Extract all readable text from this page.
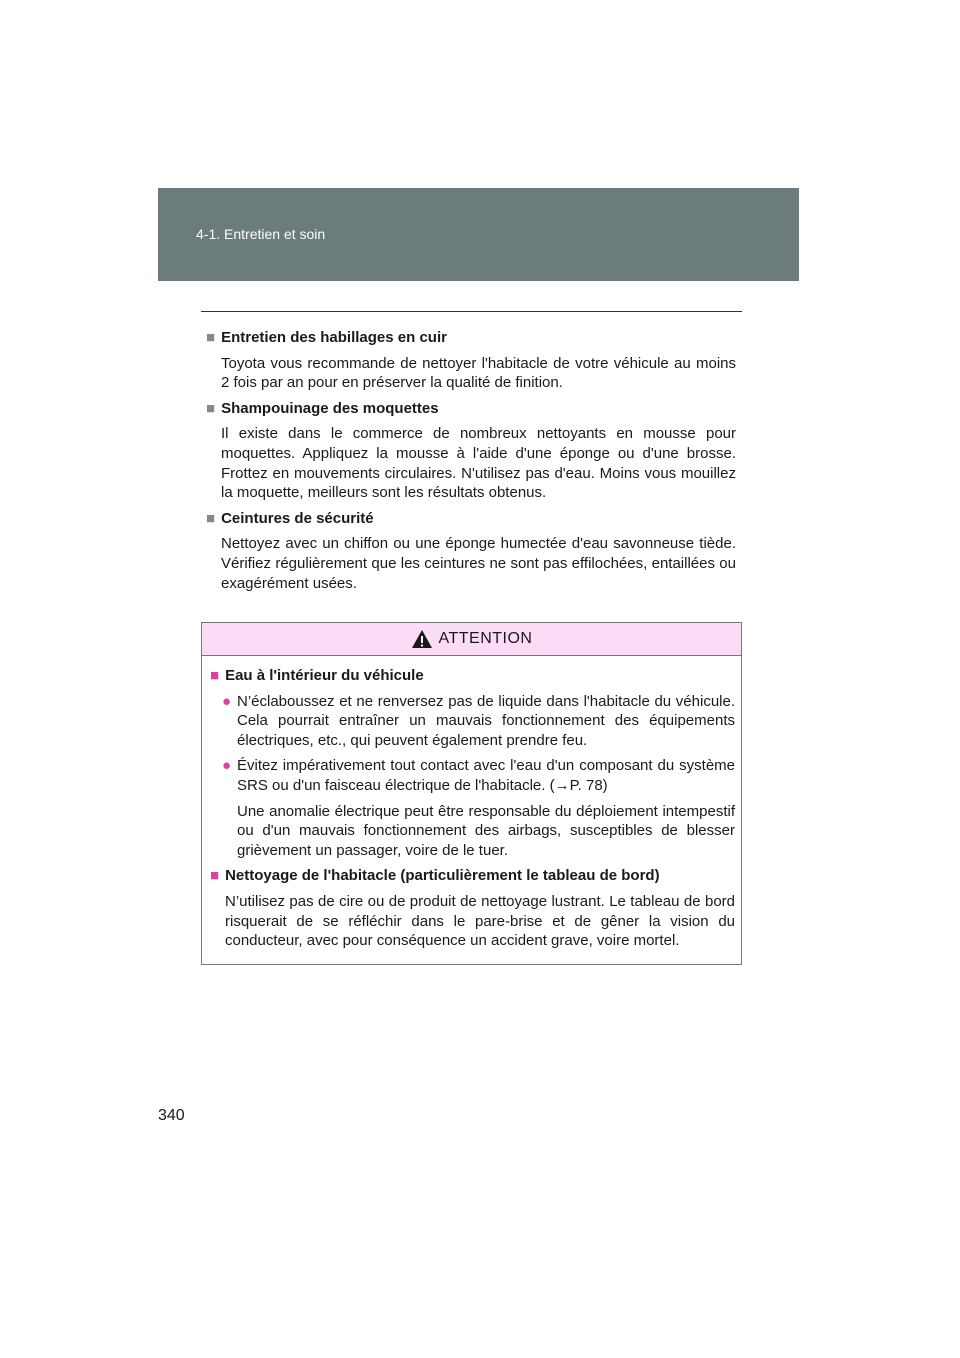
4-1. Entretien et soin
■ Entretien des habillages en cuir

Toyota vous recommande de nettoyer l'habitacle de votre véhicule au moins 2 fois par an pour en préserver la qualité de finition.

■ Shampouinage des moquettes

Il existe dans le commerce de nombreux nettoyants en mousse pour moquettes. Appliquez la mousse à l'aide d'une éponge ou d'une brosse. Frottez en mouvements circulaires. N'utilisez pas d'eau. Moins vous mouillez la moquette, meilleurs sont les résultats obtenus.

■ Ceintures de sécurité

Nettoyez avec un chiffon ou une éponge humectée d'eau savonneuse tiède. Vérifiez régulièrement que les ceintures ne sont pas effilochées, entaillées ou exagérément usées.

ATTENTION
■ Eau à l'intérieur du véhicule
● N’éclaboussez et ne renversez pas de liquide dans l'habitacle du véhicule. Cela pourrait entraîner un mauvais fonctionnement des équipements électriques, etc., qui peuvent également prendre feu.
● Évitez impérativement tout contact avec l'eau d'un composant du système SRS ou d'un faisceau électrique de l'habitacle. (→P. 78)

Une anomalie électrique peut être responsable du déploiement intempestif ou d'un mauvais fonctionnement des airbags, susceptibles de blesser grièvement un passager, voire de le tuer.

■ Nettoyage de l'habitacle (particulièrement le tableau de bord)

N’utilisez pas de cire ou de produit de nettoyage lustrant. Le tableau de bord risquerait de se réfléchir dans le pare-brise et de gêner la vision du conducteur, avec pour conséquence un accident grave, voire mortel.

340
